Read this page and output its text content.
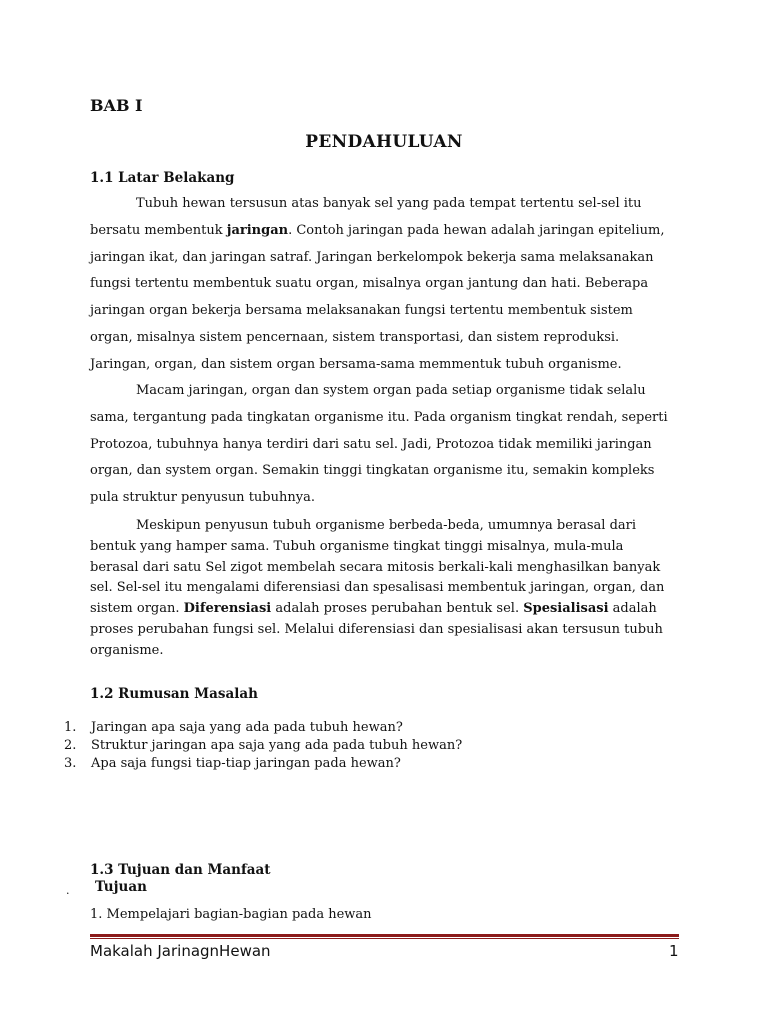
BAB I
PENDAHULUAN
1.1 Latar Belakang

Tubuh hewan tersusun atas banyak sel yang pada tempat tertentu sel-sel itu bersatu membentuk jaringan. Contoh jaringan pada hewan adalah jaringan epitelium, jaringan ikat, dan jaringan satraf. Jaringan berkelompok bekerja sama melaksanakan fungsi tertentu membentuk suatu organ, misalnya organ jantung dan hati. Beberapa jaringan organ bekerja bersama melaksanakan fungsi tertentu membentuk sistem organ, misalnya sistem pencernaan, sistem transportasi, dan sistem reproduksi. Jaringan, organ, dan sistem organ bersama-sama memmentuk tubuh organisme.

Macam jaringan, organ dan system organ pada setiap organisme tidak selalu sama, tergantung pada tingkatan organisme itu. Pada organism tingkat rendah, seperti Protozoa, tubuhnya hanya terdiri dari satu sel. Jadi, Protozoa tidak memiliki jaringan organ, dan system organ. Semakin tinggi tingkatan organisme itu, semakin kompleks pula struktur penyusun tubuhnya.

Meskipun penyusun tubuh organisme berbeda-beda, umumnya berasal dari bentuk yang hamper sama. Tubuh organisme tingkat tinggi misalnya, mula-mula berasal dari satu Sel zigot membelah secara mitosis berkali-kali menghasilkan banyak sel. Sel-sel itu mengalami diferensiasi dan spesalisasi membentuk jaringan, organ, dan sistem organ. Diferensiasi adalah proses perubahan bentuk sel. Spesialisasi adalah proses perubahan fungsi sel. Melalui diferensiasi dan spesialisasi akan tersusun tubuh organisme.

1.2 Rumusan Masalah
1.	Jaringan apa saja yang ada pada tubuh hewan?
2.	Struktur jaringan apa saja yang ada pada tubuh hewan?
3.	Apa saja fungsi tiap-tiap jaringan pada hewan?
1.3 Tujuan dan Manfaat
. Tujuan
1. Mempelajari bagian-bagian pada hewan
Makalah JarinagnHewan	1
